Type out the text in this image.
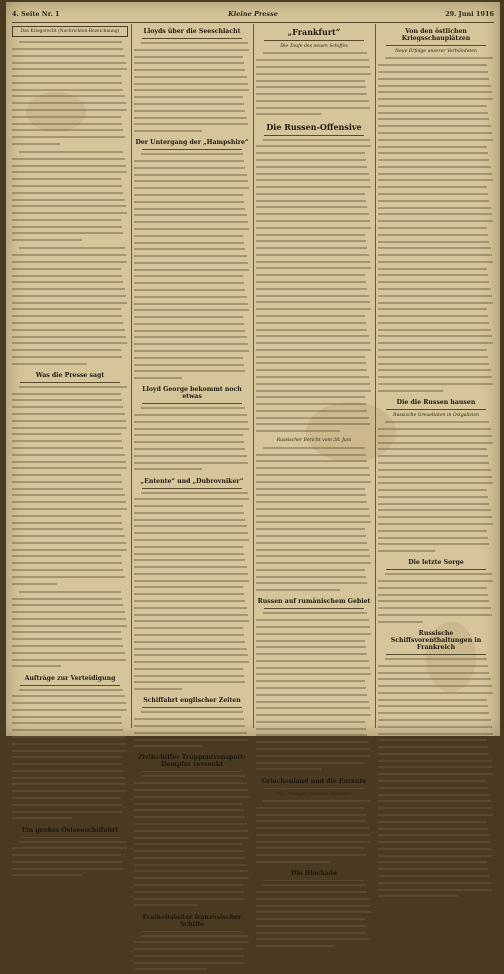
4. Seite Nr. 1	Kleine Presse	29. Juni 1916
Das Kriegsrecht (Nachrichten-Bezeichnung)
Was die Presse sagt
Aufträge zur Verteidigung
Ein großes Ostseeschiffahrt
Lloyds über die Seeschlacht
Der Untergang der „Hampshire“
Lloyd George bekommt noch etwas
„Entente“ und „Dubrovniker“
Schiffahrt englischer Zeiten
Zivilschiffer Truppentransport-Dampfer versenkt
Freiheitsleiter französischer Schiffe
„Frankfurt“
Die Taufe des neuen Schiffes
Die Russen-Offensive
Russischer Bericht vom 28. Juni
Russen auf rumänischem Gebiet
Griechenland und die Entente
Die Triumphe falscher Bändigen
Die Blockade
Von den östlichen Kriegsschauplätzen
Neue Erfolge unserer Verbündeten
Die die Russen hausen
Russische Greueltaten in Ostgalizien
Die letzte Sorge
Russische Schiffsvorenthaltungen in Frankreich
